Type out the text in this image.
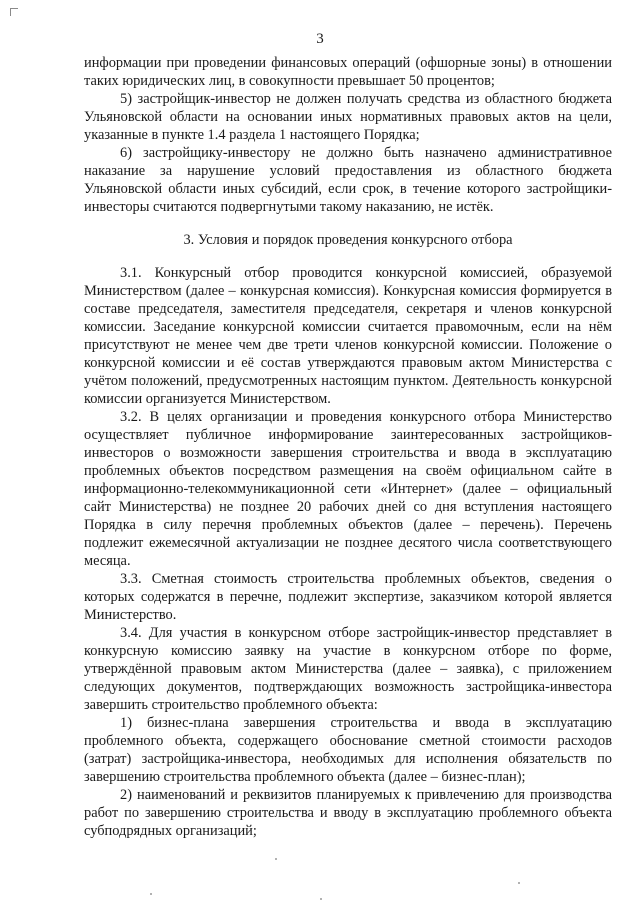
3

информации при проведении финансовых операций (офшорные зоны) в отношении таких юридических лиц, в совокупности превышает 50 процентов;

5) застройщик-инвестор не должен получать средства из областного бюджета Ульяновской области на основании иных нормативных правовых актов на цели, указанные в пункте 1.4 раздела 1 настоящего Порядка;

6) застройщику-инвестору не должно быть назначено административное наказание за нарушение условий предоставления из областного бюджета Ульяновской области иных субсидий, если срок, в течение которого застройщики-инвесторы считаются подвергнутыми такому наказанию, не истёк.

3. Условия и порядок проведения конкурсного отбора

3.1. Конкурсный отбор проводится конкурсной комиссией, образуемой Министерством (далее – конкурсная комиссия). Конкурсная комиссия формируется в составе председателя, заместителя председателя, секретаря и членов конкурсной комиссии. Заседание конкурсной комиссии считается правомочным, если на нём присутствуют не менее чем две трети членов конкурсной комиссии. Положение о конкурсной комиссии и её состав утверждаются правовым актом Министерства с учётом положений, предусмотренных настоящим пунктом. Деятельность конкурсной комиссии организуется Министерством.

3.2. В целях организации и проведения конкурсного отбора Министерство осуществляет публичное информирование заинтересованных застройщиков-инвесторов о возможности завершения строительства и ввода в эксплуатацию проблемных объектов посредством размещения на своём официальном сайте в информационно-телекоммуникационной сети «Интернет» (далее – официальный сайт Министерства) не позднее 20 рабочих дней со дня вступления настоящего Порядка в силу перечня проблемных объектов (далее – перечень). Перечень подлежит ежемесячной актуализации не позднее десятого числа соответствующего месяца.

3.3. Сметная стоимость строительства проблемных объектов, сведения о которых содержатся в перечне, подлежит экспертизе, заказчиком которой является Министерство.

3.4. Для участия в конкурсном отборе застройщик-инвестор представляет в конкурсную комиссию заявку на участие в конкурсном отборе по форме, утверждённой правовым актом Министерства (далее – заявка), с приложением следующих документов, подтверждающих возможность застройщика-инвестора завершить строительство проблемного объекта:

1) бизнес-плана завершения строительства и ввода в эксплуатацию проблемного объекта, содержащего обоснование сметной стоимости расходов (затрат) застройщика-инвестора, необходимых для исполнения обязательств по завершению строительства проблемного объекта (далее – бизнес-план);

2) наименований и реквизитов планируемых к привлечению для производства работ по завершению строительства и вводу в эксплуатацию проблемного объекта субподрядных организаций;
